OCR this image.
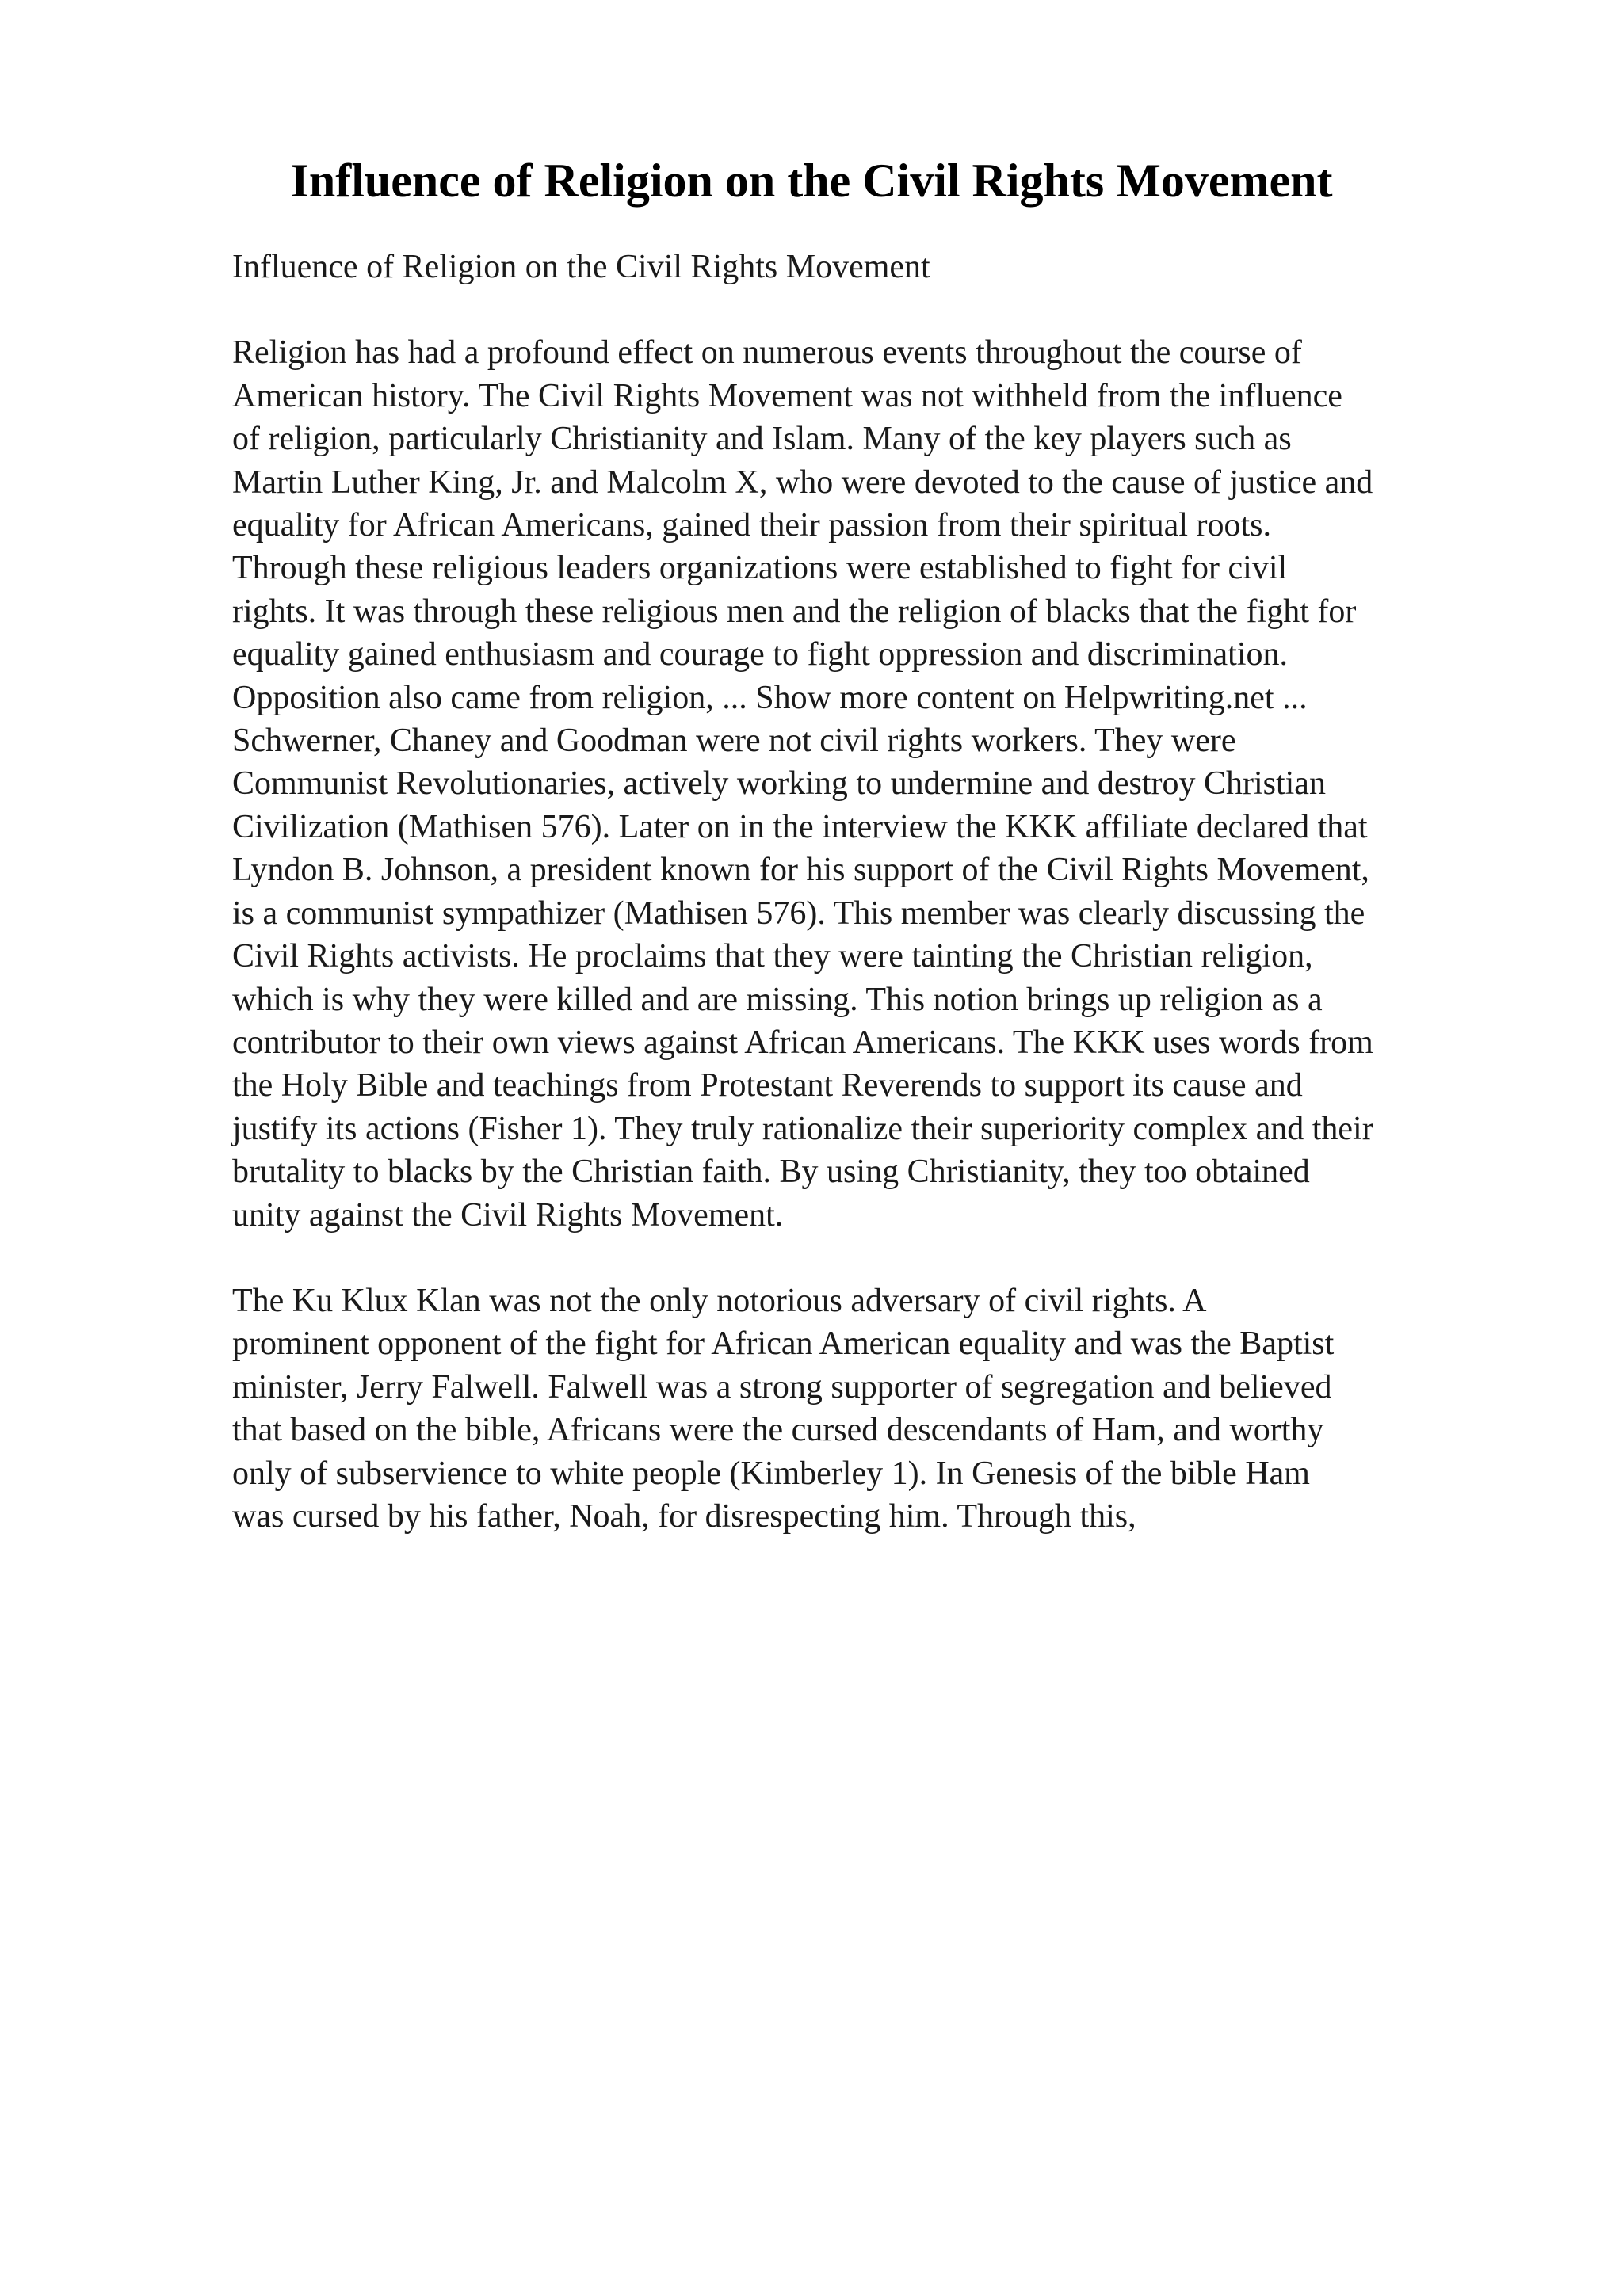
Influence of Religion on the Civil Rights Movement

Influence of Religion on the Civil Rights Movement

Religion has had a profound effect on numerous events throughout the course of
American history. The Civil Rights Movement was not withheld from the influence
of religion, particularly Christianity and Islam. Many of the key players such as
Martin Luther King, Jr. and Malcolm X, who were devoted to the cause of justice and
equality for African Americans, gained their passion from their spiritual roots.
Through these religious leaders organizations were established to fight for civil
rights. It was through these religious men and the religion of blacks that the fight for
equality gained enthusiasm and courage to fight oppression and discrimination.
Opposition also came from religion, ... Show more content on Helpwriting.net ...
Schwerner, Chaney and Goodman were not civil rights workers. They were
Communist Revolutionaries, actively working to undermine and destroy Christian
Civilization (Mathisen 576). Later on in the interview the KKK affiliate declared that
Lyndon B. Johnson, a president known for his support of the Civil Rights Movement,
is a communist sympathizer (Mathisen 576). This member was clearly discussing the
Civil Rights activists. He proclaims that they were tainting the Christian religion,
which is why they were killed and are missing. This notion brings up religion as a
contributor to their own views against African Americans. The KKK uses words from
the Holy Bible and teachings from Protestant Reverends to support its cause and
justify its actions (Fisher 1). They truly rationalize their superiority complex and their
brutality to blacks by the Christian faith. By using Christianity, they too obtained
unity against the Civil Rights Movement.

The Ku Klux Klan was not the only notorious adversary of civil rights. A
prominent opponent of the fight for African American equality and was the Baptist
minister, Jerry Falwell. Falwell was a strong supporter of segregation and believed
that based on the bible, Africans were the cursed descendants of Ham, and worthy
only of subservience to white people (Kimberley 1). In Genesis of the bible Ham
was cursed by his father, Noah, for disrespecting him. Through this,
